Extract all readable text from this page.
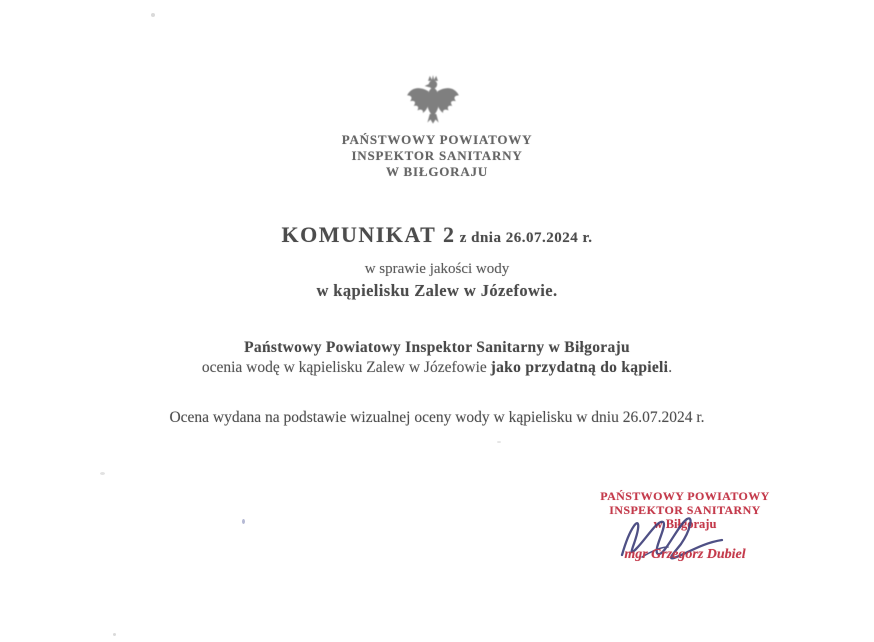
PAŃSTWOWY POWIATOWY
INSPEKTOR SANITARNY
W BIŁGORAJU
KOMUNIKAT 2 z dnia 26.07.2024 r.
w sprawie jakości wody
w kąpielisku Zalew w Józefowie.
Państwowy Powiatowy Inspektor Sanitarny w Biłgoraju
ocenia wodę w kąpielisku Zalew w Józefowie jako przydatną do kąpieli.
Ocena wydana na podstawie wizualnej oceny wody w kąpielisku w dniu 26.07.2024 r.
PAŃSTWOWY POWIATOWY
INSPEKTOR SANITARNY
w Biłgoraju
mgr Grzegorz Dubiel
